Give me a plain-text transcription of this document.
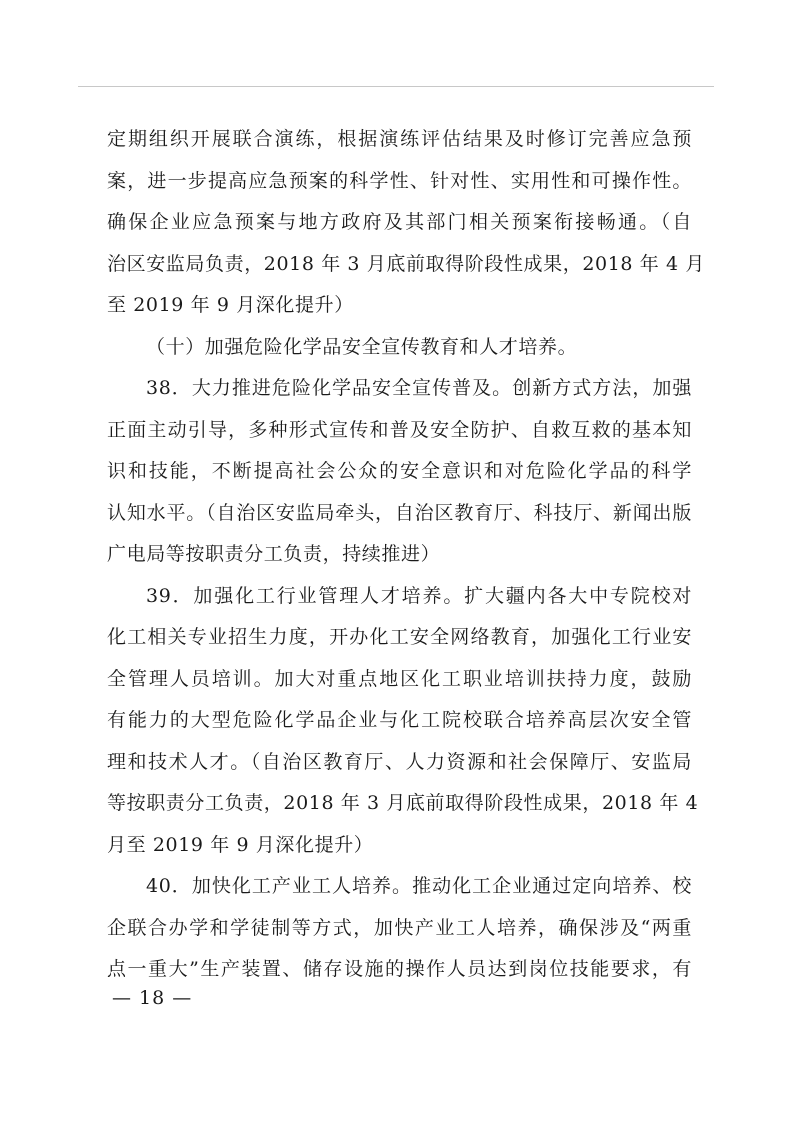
定期组织开展联合演练，根据演练评估结果及时修订完善应急预
案，进一步提高应急预案的科学性、针对性、实用性和可操作性。
确保企业应急预案与地方政府及其部门相关预案衔接畅通。（自
治区安监局负责，2018 年 3 月底前取得阶段性成果，2018 年 4 月
至 2019 年 9 月深化提升）
（十）加强危险化学品安全宣传教育和人才培养。
38．大力推进危险化学品安全宣传普及。创新方式方法，加强
正面主动引导，多种形式宣传和普及安全防护、自救互救的基本知
识和技能，不断提高社会公众的安全意识和对危险化学品的科学
认知水平。（自治区安监局牵头，自治区教育厅、科技厅、新闻出版
广电局等按职责分工负责，持续推进）
39．加强化工行业管理人才培养。扩大疆内各大中专院校对
化工相关专业招生力度，开办化工安全网络教育，加强化工行业安
全管理人员培训。加大对重点地区化工职业培训扶持力度，鼓励
有能力的大型危险化学品企业与化工院校联合培养高层次安全管
理和技术人才。（自治区教育厅、人力资源和社会保障厅、安监局
等按职责分工负责，2018 年 3 月底前取得阶段性成果，2018 年 4
月至 2019 年 9 月深化提升）
40．加快化工产业工人培养。推动化工企业通过定向培养、校
企联合办学和学徒制等方式，加快产业工人培养，确保涉及“两重
点一重大”生产装置、储存设施的操作人员达到岗位技能要求，有
— 18 —
